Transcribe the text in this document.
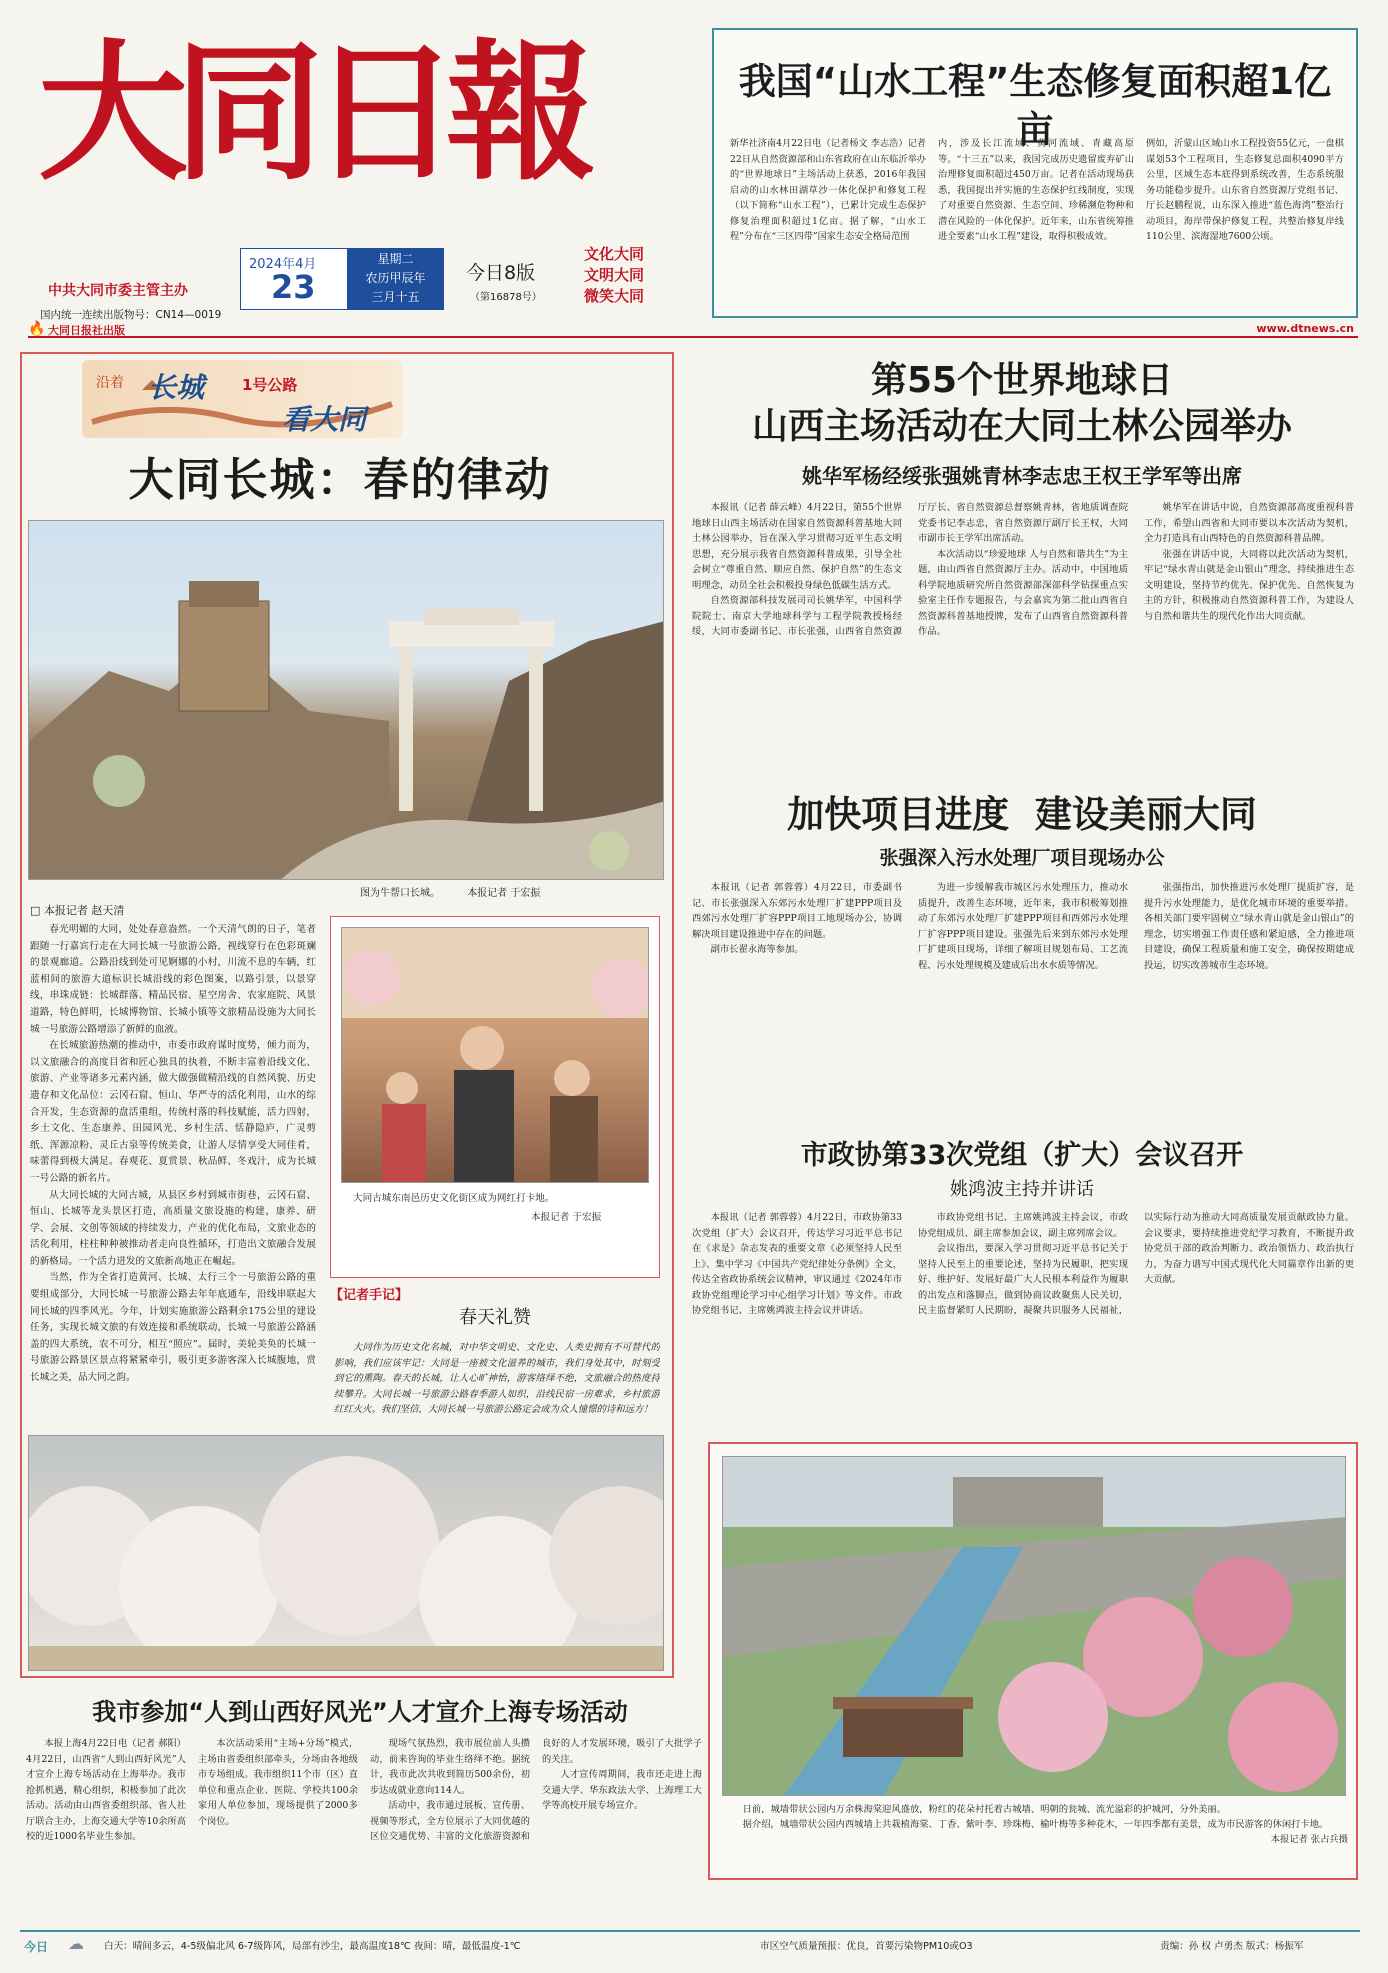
大同日報
中共大同市委主管主办
国内统一连续出版物号：CN14—0019
2024年4月
23
星期二
农历甲辰年
三月十五
今日8版
（第16878号）
文化大同
文明大同
微笑大同
🔥 大同日报社出版	www.dtnews.cn
我国“山水工程”生态修复面积超1亿亩
新华社济南4月22日电（记者杨文 李志浩）记者22日从自然资源部和山东省政府在山东临沂举办的“世界地球日”主场活动上获悉，2016年我国启动的山水林田湖草沙一体化保护和修复工程（以下简称“山水工程”），已累计完成生态保护修复治理面积超过1亿亩。据了解，“山水工程”分布在“三区四带”国家生态安全格局范围
内，涉及长江流域、黄河流域、青藏高原等。“十三五”以来，我国完成历史遗留废弃矿山治理修复面积超过450万亩。记者在活动现场获悉，我国提出并实施的生态保护红线制度，实现了对重要自然资源、生态空间、珍稀濒危物种和潜在风险的一体化保护。近年来，山东省统筹推进全要素“山水工程”建设，取得积极成效。
例如，沂蒙山区域山水工程投资55亿元，一盘棋谋划53个工程项目，生态修复总面积4090平方公里，区域生态本底得到系统改善，生态系统服务功能稳步提升。山东省自然资源厅党组书记、厅长赵鹏程说，山东深入推进“蓝色海湾”整治行动项目，海岸带保护修复工程，共整治修复岸线110公里、滨海湿地7600公顷。
沿着 长城	1号公路
看大同
大同长城：春的律动
图为牛帮口长城。	本报记者 于宏振
□ 本报记者 赵天清

春光明媚的大同，处处春意盎然。一个天清气朗的日子，笔者跟随一行嘉宾行走在大同长城一号旅游公路，视线穿行在色彩斑斓的景观廊道。公路沿线到处可见婀娜的小村，川流不息的车辆，红蓝相间的旅游大道标识长城沿线的彩色图案，以路引景，以景穿线，串珠成链：长城群落、精品民宿、星空房舍、农家庭院、风景道路，特色鲜明，长城博物馆、长城小镇等文旅精品设施为大同长城一号旅游公路增添了新鲜的血液。

在长城旅游热潮的推动中，市委市政府谋时度势，倾力而为，以文旅融合的高度目省和匠心独具的执着，不断丰富着沿线文化、旅游、产业等诸多元素内涵，做大做强做精沿线的自然风貌、历史遗存和文化品位：云冈石窟、恒山、华严寺的活化利用，山水的综合开发，生态资源的盘活重组，传统村落的科技赋能，活力四射，乡土文化、生态康养、田园风光、乡村生活、恬静隐庐，广灵剪纸、浑源凉粉、灵丘古泉等传统美食，让游人尽情享受大同佳肴，味蕾得到极大满足。春观花、夏赏景、秋品鲜、冬戏汁，成为长城一号公路的新名片。

从大同长城的大同古城，从县区乡村到城市街巷，云冈石窟、恒山、长城等龙头景区打造，高质量文旅设施的构建，康养、研学、会展、文创等领域的持续发力，产业的优化布局，文旅业态的活化利用，柱柱种种被推动者走向良性循环，打造出文旅融合发展的新格局。一个活力迸发的文旅新高地正在崛起。

当然，作为全省打造黄河、长城、太行三个一号旅游公路的重要组成部分，大同长城一号旅游公路去年年底通车，沿线串联起大同长城的四季风光。今年，计划实施旅游公路剩余175公里的建设任务，实现长城文旅的有效连接和系统联动，长城一号旅游公路涵盖的四大系统，农不可分，相互“照应”。届时，美轮美奂的长城一号旅游公路景区景点将紧紧牵引，吸引更多游客深入长城腹地，赏长城之美，品大同之韵。

大同古城东南邑历史文化街区成为网红打卡地。
本报记者 于宏振
【记者手记】
春天礼赞

大同作为历史文化名城，对中华文明史、文化史、人类史拥有不可替代的影响，我们应该牢记：大同是一座被文化滋养的城市，我们身处其中，时刻受到它的熏陶。春天的长城，让人心旷神怡，游客络绎不绝，文旅融合的热度持续攀升。大同长城一号旅游公路春季游人如织，沿线民宿一房难求，乡村旅游红红火火。我们坚信，大同长城一号旅游公路定会成为众人憧憬的诗和远方！

第55个世界地球日
山西主场活动在大同土林公园举办
姚华军杨经绥张强姚青林李志忠王权王学军等出席

本报讯（记者 薛云峰）4月22日，第55个世界地球日山西主场活动在国家自然资源科普基地大同土林公园举办，旨在深入学习贯彻习近平生态文明思想，充分展示我省自然资源科普成果，引导全社会树立“尊重自然、顺应自然、保护自然”的生态文明理念，动员全社会积极投身绿色低碳生活方式。

自然资源部科技发展司司长姚华军，中国科学院院士、南京大学地球科学与工程学院教授杨经绥，大同市委副书记、市长张强，山西省自然资源厅厅长、省自然资源总督察姚青林，省地质调查院党委书记李志忠，省自然资源厅副厅长王权，大同市副市长王学军出席活动。

本次活动以“珍爱地球 人与自然和谐共生”为主题，由山西省自然资源厅主办。活动中，中国地质科学院地质研究所自然资源部深部科学钻探重点实验室主任作专题报告，与会嘉宾为第二批山西省自然资源科普基地授牌，发布了山西省自然资源科普作品。

姚华军在讲话中说，自然资源部高度重视科普工作，希望山西省和大同市要以本次活动为契机，全力打造具有山西特色的自然资源科普品牌。

张强在讲话中说，大同将以此次活动为契机，牢记“绿水青山就是金山银山”理念，持续推进生态文明建设，坚持节约优先、保护优先、自然恢复为主的方针，积极推动自然资源科普工作，为建设人与自然和谐共生的现代化作出大同贡献。

加快项目进度  建设美丽大同
张强深入污水处理厂项目现场办公

本报讯（记者 郭蓉蓉）4月22日，市委副书记、市长张强深入东郊污水处理厂扩建PPP项目及西郊污水处理厂扩容PPP项目工地现场办公，协调解决项目建设推进中存在的问题。

副市长翟永海等参加。

为进一步缓解我市城区污水处理压力，推动水质提升，改善生态环境，近年来，我市积极筹划推动了东郊污水处理厂扩建PPP项目和西郊污水处理厂扩容PPP项目建设。张强先后来到东郊污水处理厂扩建项目现场，详细了解项目规划布局、工艺流程、污水处理规模及建成后出水水质等情况。

张强指出，加快推进污水处理厂提质扩容，是提升污水处理能力，是优化城市环境的重要举措。各相关部门要牢固树立“绿水青山就是金山银山”的理念，切实增强工作责任感和紧迫感，全力推进项目建设，确保工程质量和施工安全，确保按期建成投运，切实改善城市生态环境。

市政协第33次党组（扩大）会议召开
姚鸿波主持并讲话

本报讯（记者 郭蓉蓉）4月22日，市政协第33次党组（扩大）会议召开，传达学习习近平总书记在《求是》杂志发表的重要文章《必须坚持人民至上》、集中学习《中国共产党纪律处分条例》全文，传达全省政协系统会议精神，审议通过《2024年市政协党组理论学习中心组学习计划》等文件。市政协党组书记、主席姚鸿波主持会议并讲话。

市政协党组书记、主席姚鸿波主持会议，市政协党组成员、副主席参加会议，副主席列席会议。

会议指出，要深入学习贯彻习近平总书记关于坚持人民至上的重要论述，坚持为民履职，把实现好、维护好、发展好最广大人民根本利益作为履职的出发点和落脚点，做到协商议政聚焦人民关切，民主监督紧盯人民期盼，凝聚共识服务人民福祉，以实际行动为推动大同高质量发展贡献政协力量。会议要求，要持续推进党纪学习教育，不断提升政协党员干部的政治判断力、政治领悟力、政治执行力，为奋力谱写中国式现代化大同篇章作出新的更大贡献。

日前，城墙带状公园内万余株海棠迎风盛放，粉红的花朵衬托着古城墙、明朝的瓮城、流光溢彩的护城河，分外美丽。

据介绍，城墙带状公园内西城墙上共栽植海棠、丁香、紫叶李、珍珠梅、榆叶梅等多种花木，一年四季都有美景，成为市民游客的休闲打卡地。

本报记者 张占兵摄

我市参加“人到山西好风光”人才宣介上海专场活动

本报上海4月22日电（记者 郝阳）4月22日，山西省“人到山西好风光”人才宣介上海专场活动在上海举办。我市抢抓机遇，精心组织，积极参加了此次活动。活动由山西省委组织部、省人社厅联合主办，上海交通大学等10余所高校的近1000名毕业生参加。

本次活动采用“主场+分场”模式，主场由省委组织部牵头，分场由各地级市专场组成。我市组织11个市（区）直单位和重点企业、医院、学校共100余家用人单位参加，现场提供了2000多个岗位。

现场气氛热烈，我市展位前人头攒动，前来咨询的毕业生络绎不绝。据统计，我市此次共收到简历500余份，初步达成就业意向114人。

活动中，我市通过展板、宣传册、视频等形式，全方位展示了大同优越的区位交通优势、丰富的文化旅游资源和良好的人才发展环境，吸引了大批学子的关注。

人才宣传周期间，我市还走进上海交通大学、华东政法大学、上海理工大学等高校开展专场宣介。

今日 ☁ 白天：晴间多云，4-5级偏北风 6-7级阵风，局部有沙尘，最高温度18℃ 夜间：晴，最低温度-1℃	市区空气质量预报：优良，首要污染物PM10或O3	责编：孙 权 卢勇杰 版式：杨振军
